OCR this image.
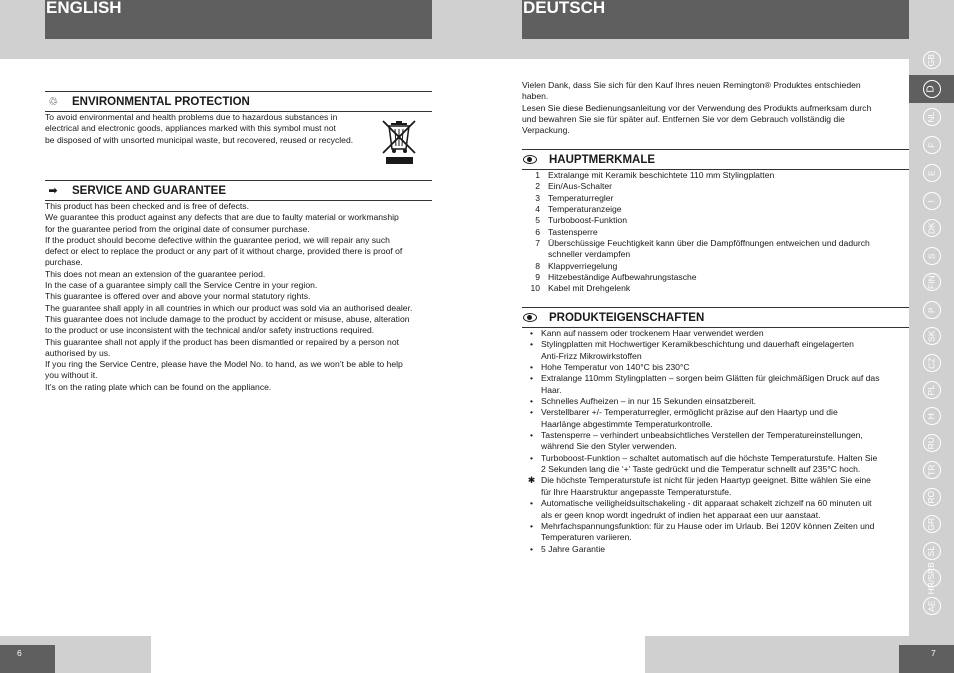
ENGLISH	DEUTSCH
GB
D
NL
F
E
I
DK
S
FIN
P
SK
CZ
PL
H
RU
TR
RO
GR
SL
HR/SRB
AE
♲ ENVIRONMENTAL PROTECTION

To avoid environmental and health problems due to hazardous substances in

electrical and electronic goods, appliances marked with this symbol must not

be disposed of with unsorted municipal waste, but recovered, reused or recycled.

➡ SERVICE AND GUARANTEE

This product has been checked and is free of defects.

We guarantee this product against any defects that are due to faulty material or workmanship

for the guarantee period from the original date of consumer purchase.

If the product should become defective within the guarantee period, we will repair any such

defect or elect to replace the product or any part of it without charge, provided there is proof of

purchase.

This does not mean an extension of the guarantee period.

In the case of a guarantee simply call the Service Centre in your region.

This guarantee is offered over and above your normal statutory rights.

The guarantee shall apply in all countries in which our product was sold via an authorised dealer.

This guarantee does not include damage to the product by accident or misuse, abuse, alteration

to the product or use inconsistent with the technical and/or safety instructions required.

This guarantee shall not apply if the product has been dismantled or repaired by a person not

authorised by us.

If you ring the Service Centre, please have the Model No. to hand, as we won’t be able to help

you without it.

It’s on the rating plate which can be found on the appliance.

Vielen Dank, dass Sie sich für den Kauf Ihres neuen Remington® Produktes entschieden

haben.

Lesen Sie diese Bedienungsanleitung vor der Verwendung des Produkts aufmerksam durch

und bewahren Sie sie für später auf. Entfernen Sie vor dem Gebrauch vollständig die

Verpackung.

HAUPTMERKMALE
1 Extralange mit Keramik beschichtete 110 mm Stylingplatten
2 Ein/Aus-Schalter
3 Temperaturregler
4 Temperaturanzeige
5 Turboboost-Funktion
6 Tastensperre
7 Überschüssige Feuchtigkeit kann über die Dampföffnungen entweichen und dadurch
schneller verdampfen
8 Klappverriegelung
9 Hitzebeständige Aufbewahrungstasche
10 Kabel mit Drehgelenk
PRODUKTEIGENSCHAFTEN
• Kann auf nassem oder trockenem Haar verwendet werden
• Stylingplatten mit Hochwertiger Keramikbeschichtung und dauerhaft eingelagerten
Anti-Frizz Mikrowirkstoffen
• Hohe Temperatur von 140°C bis 230°C
• Extralange 110mm Stylingplatten – sorgen beim Glätten für gleichmäßigen Druck auf das
Haar.
• Schnelles Aufheizen – in nur 15 Sekunden einsatzbereit.
• Verstellbarer +/- Temperaturregler, ermöglicht präzise auf den Haartyp und die
Haarlänge abgestimmte Temperaturkontrolle.
• Tastensperre – verhindert unbeabsichtliches Verstellen der Temperatureinstellungen,
während Sie den Styler verwenden.
• Turboboost-Funktion – schaltet automatisch auf die höchste Temperaturstufe. Halten Sie
2 Sekunden lang die ‘+’ Taste gedrückt und die Temperatur schnellt auf 235°C hoch.
✱ Die höchste Temperaturstufe ist nicht für jeden Haartyp geeignet. Bitte wählen Sie eine
für Ihre Haarstruktur angepasste Temperaturstufe.
• Automatische veiligheidsuitschakeling - dit apparaat schakelt zichzelf na 60 minuten uit
als er geen knop wordt ingedrukt of indien het apparaat een uur aanstaat.
• Mehrfachspannungsfunktion: für zu Hause oder im Urlaub. Bei 120V können Zeiten und
Temperaturen variieren.
• 5 Jahre Garantie
6	7
